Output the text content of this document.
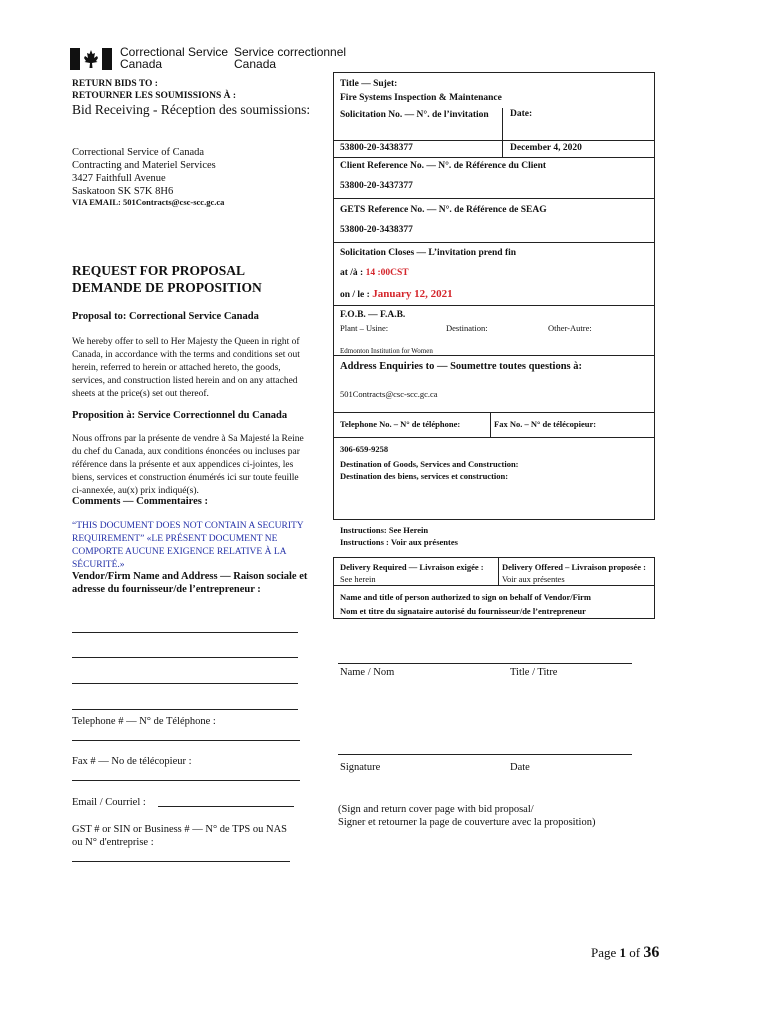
Correctional Service
Canada
Service correctionnel
Canada
RETURN BIDS TO :
RETOURNER LES SOUMISSIONS À :
Bid Receiving - Réception des soumissions:
Correctional Service of Canada
Contracting and Materiel Services
3427 Faithfull Avenue
Saskatoon SK S7K 8H6
VIA EMAIL: 501Contracts@csc-scc.gc.ca
REQUEST FOR PROPOSAL
DEMANDE DE PROPOSITION
Proposal to: Correctional Service Canada
We hereby offer to sell to Her Majesty the Queen in right of Canada, in accordance with the terms and conditions set out herein, referred to herein or attached hereto, the goods, services, and construction listed herein and on any attached sheets at the price(s) set out thereof.
Proposition à: Service Correctionnel du Canada
Nous offrons par la présente de vendre à Sa Majesté la Reine du chef du Canada, aux conditions énoncées ou incluses par référence dans la présente et aux appendices ci-jointes, les biens, services et construction énumérés ici sur toute feuille ci-annexée, au(x) prix indiqué(s).
Comments — Commentaires :
“THIS DOCUMENT DOES NOT CONTAIN A SECURITY REQUIREMENT” «LE PRÉSENT DOCUMENT NE COMPORTE AUCUNE EXIGENCE RELATIVE À LA SÉCURITÉ.»
Vendor/Firm Name and Address — Raison sociale et adresse du fournisseur/de l’entrepreneur :
Telephone # — N° de Téléphone :
Fax # — No de télécopieur :
Email / Courriel :
GST # or SIN or Business # — N° de TPS ou NAS ou N° d'entreprise :
Title — Sujet:
Fire Systems Inspection & Maintenance
Solicitation No. — N°. de l’invitation	Date:
53800-20-3438377	December 4, 2020
Client Reference No. — N°. de Référence du Client
53800-20-3437377
GETS Reference No. — N°. de Référence de SEAG
53800-20-3438377
Solicitation Closes — L’invitation prend fin
at /à : 14 :00CST
on / le : January 12, 2021
F.O.B. — F.A.B.
Plant – Usine:	Destination:	Other-Autre:
Edmonton Institution for Women
Address Enquiries to — Soumettre toutes questions à:
501Contracts@csc-scc.gc.ca
Telephone No. – N° de téléphone:	Fax No. – N° de télécopieur:
306-659-9258
Destination of Goods, Services and Construction:
Destination des biens, services et construction:
Instructions: See Herein
Instructions : Voir aux présentes
Delivery Required — Livraison exigée : See herein
Delivery Offered – Livraison proposée : Voir aux présentes
Name and title of person authorized to sign on behalf of Vendor/Firm
Nom et titre du signataire autorisé du fournisseur/de l’entrepreneur
Name / Nom	Title / Titre
Signature	Date
(Sign and return cover page with bid proposal/
Signer et retourner la page de couverture avec la proposition)
Page 1 of 36
